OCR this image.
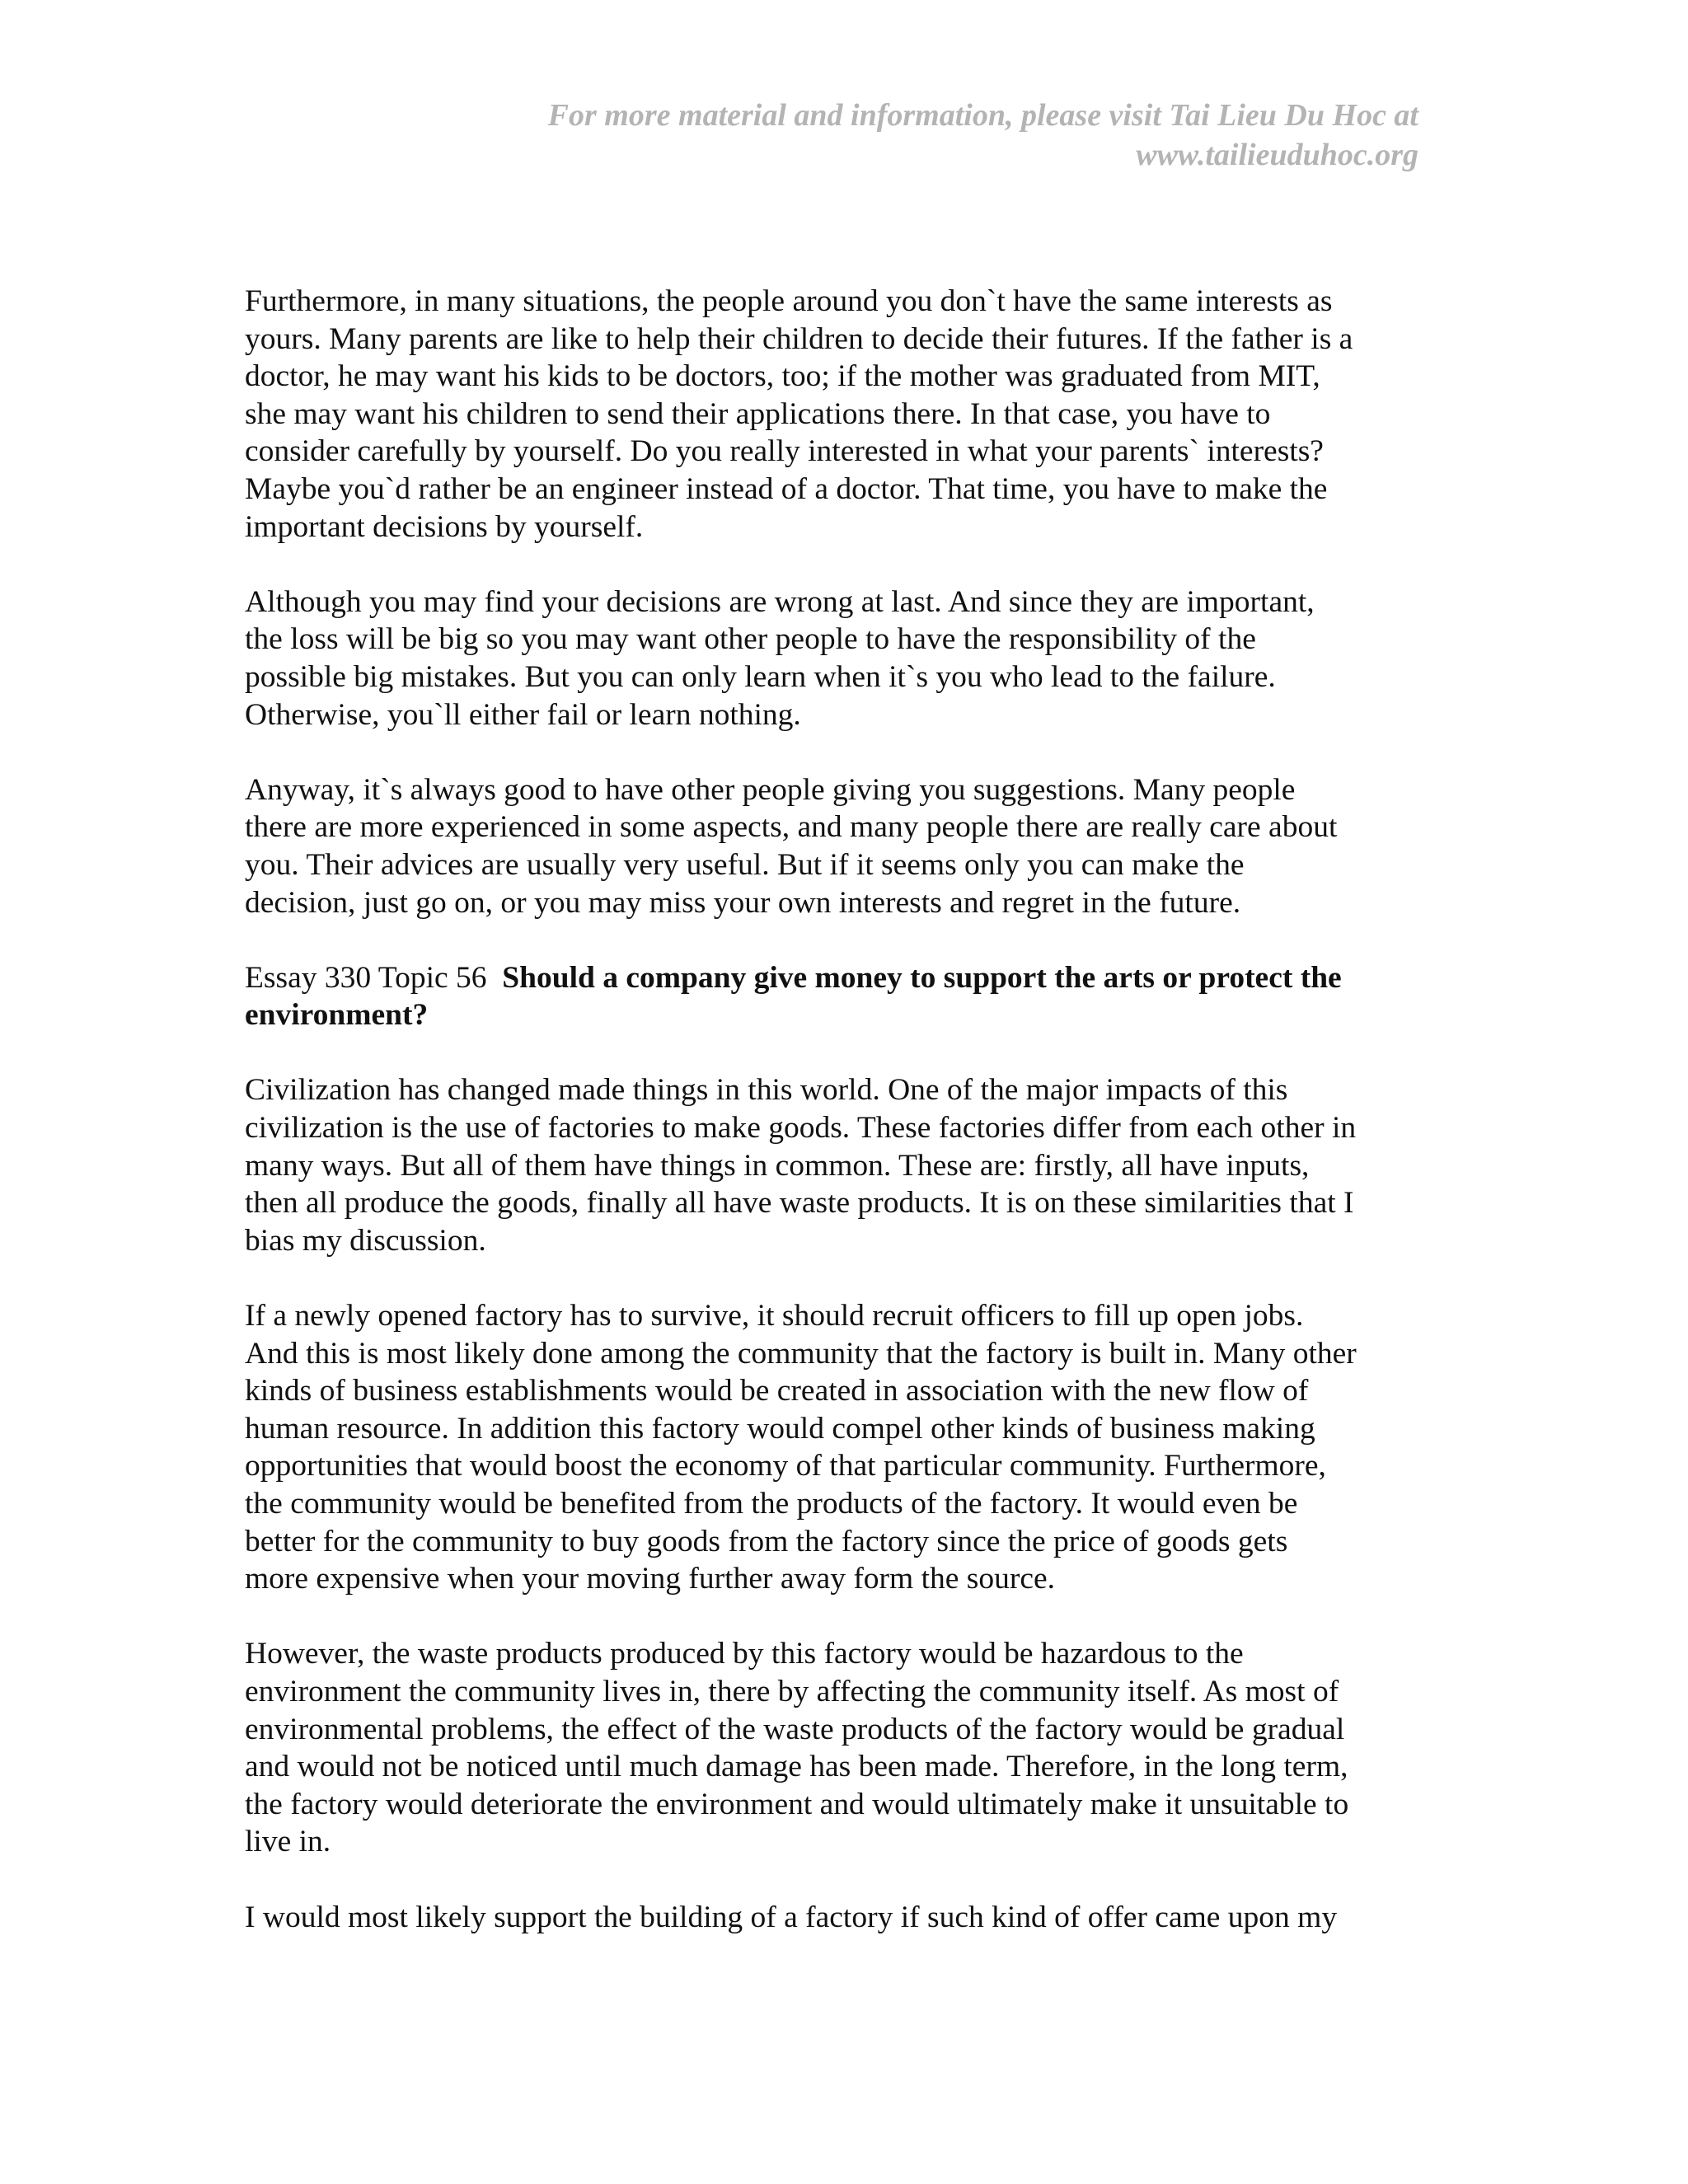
For more material and information, please visit Tai Lieu Du Hoc at
www.tailieuduhoc.org

Furthermore, in many situations, the people around you don`t have the same interests as
yours. Many parents are like to help their children to decide their futures. If the father is a
doctor, he may want his kids to be doctors, too; if the mother was graduated from MIT,
she may want his children to send their applications there. In that case, you have to
consider carefully by yourself. Do you really interested in what your parents` interests?
Maybe you`d rather be an engineer instead of a doctor. That time, you have to make the
important decisions by yourself.

Although you may find your decisions are wrong at last. And since they are important,
the loss will be big so you may want other people to have the responsibility of the
possible big mistakes. But you can only learn when it`s you who lead to the failure.
Otherwise, you`ll either fail or learn nothing.

Anyway, it`s always good to have other people giving you suggestions. Many people
there are more experienced in some aspects, and many people there are really care about
you. Their advices are usually very useful. But if it seems only you can make the
decision, just go on, or you may miss your own interests and regret in the future.

Essay 330 Topic 56  Should a company give money to support the arts or protect the
environment?

Civilization has changed made things in this world. One of the major impacts of this
civilization is the use of factories to make goods. These factories differ from each other in
many ways. But all of them have things in common. These are: firstly, all have inputs,
then all produce the goods, finally all have waste products. It is on these similarities that I
bias my discussion.

If a newly opened factory has to survive, it should recruit officers to fill up open jobs.
And this is most likely done among the community that the factory is built in. Many other
kinds of business establishments would be created in association with the new flow of
human resource. In addition this factory would compel other kinds of business making
opportunities that would boost the economy of that particular community. Furthermore,
the community would be benefited from the products of the factory. It would even be
better for the community to buy goods from the factory since the price of goods gets
more expensive when your moving further away form the source.

However, the waste products produced by this factory would be hazardous to the
environment the community lives in, there by affecting the community itself. As most of
environmental problems, the effect of the waste products of the factory would be gradual
and would not be noticed until much damage has been made. Therefore, in the long term,
the factory would deteriorate the environment and would ultimately make it unsuitable to
live in.

I would most likely support the building of a factory if such kind of offer came upon my
